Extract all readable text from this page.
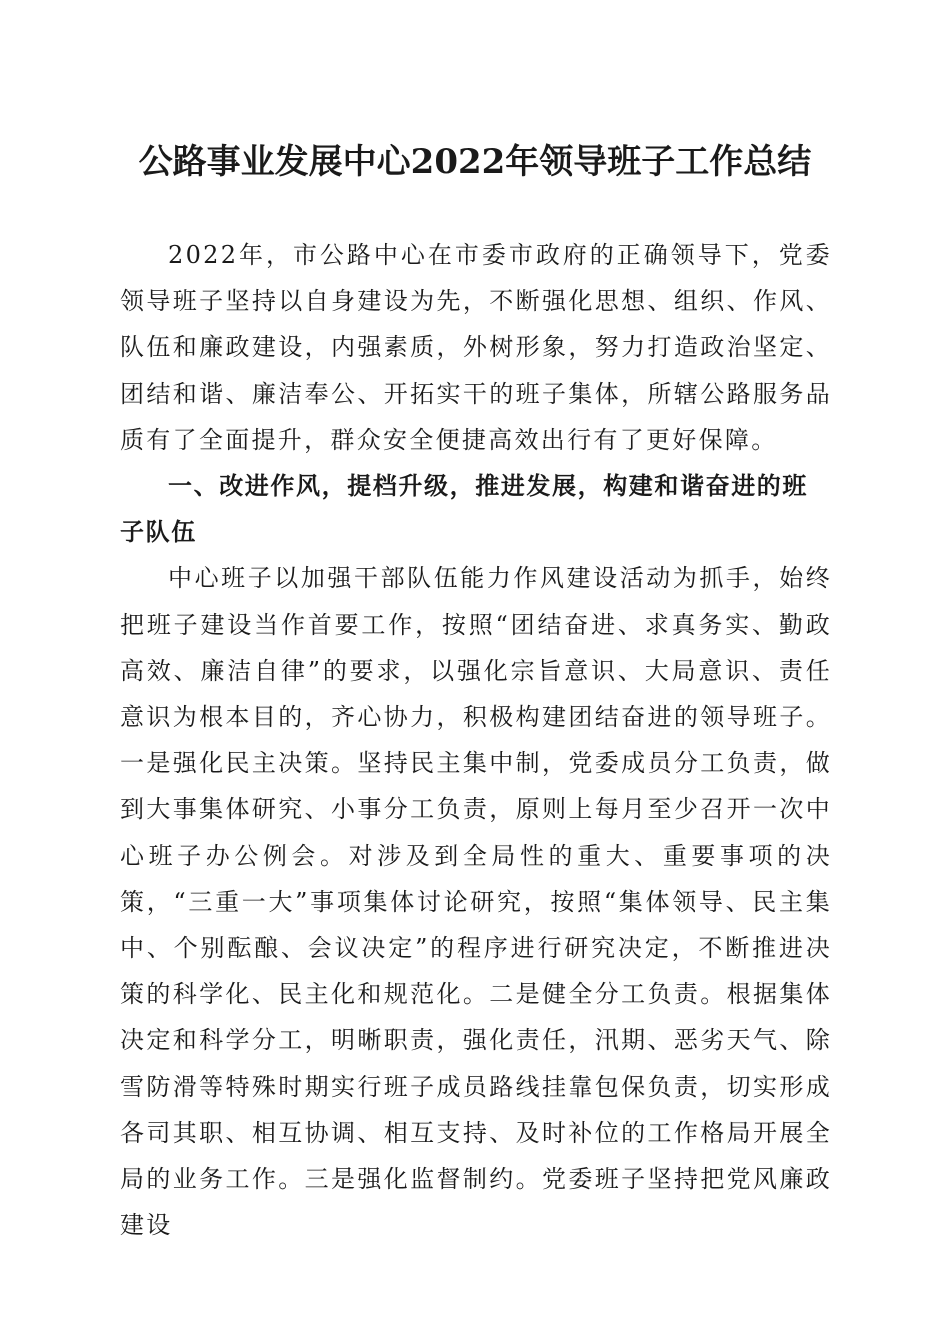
公路事业发展中心2022年领导班子工作总结

2022年，市公路中心在市委市政府的正确领导下，党委领导班子坚持以自身建设为先，不断强化思想、组织、作风、队伍和廉政建设，内强素质，外树形象，努力打造政治坚定、团结和谐、廉洁奉公、开拓实干的班子集体，所辖公路服务品质有了全面提升，群众安全便捷高效出行有了更好保障。

一、改进作风，提档升级，推进发展，构建和谐奋进的班子队伍

中心班子以加强干部队伍能力作风建设活动为抓手，始终把班子建设当作首要工作，按照“团结奋进、求真务实、勤政高效、廉洁自律”的要求，以强化宗旨意识、大局意识、责任意识为根本目的，齐心协力，积极构建团结奋进的领导班子。一是强化民主决策。坚持民主集中制，党委成员分工负责，做到大事集体研究、小事分工负责，原则上每月至少召开一次中心班子办公例会。对涉及到全局性的重大、重要事项的决策，“三重一大”事项集体讨论研究，按照“集体领导、民主集中、个别酝酿、会议决定”的程序进行研究决定，不断推进决策的科学化、民主化和规范化。二是健全分工负责。根据集体决定和科学分工，明晰职责，强化责任，汛期、恶劣天气、除雪防滑等特殊时期实行班子成员路线挂靠包保负责，切实形成各司其职、相互协调、相互支持、及时补位的工作格局开展全局的业务工作。三是强化监督制约。党委班子坚持把党风廉政建设
